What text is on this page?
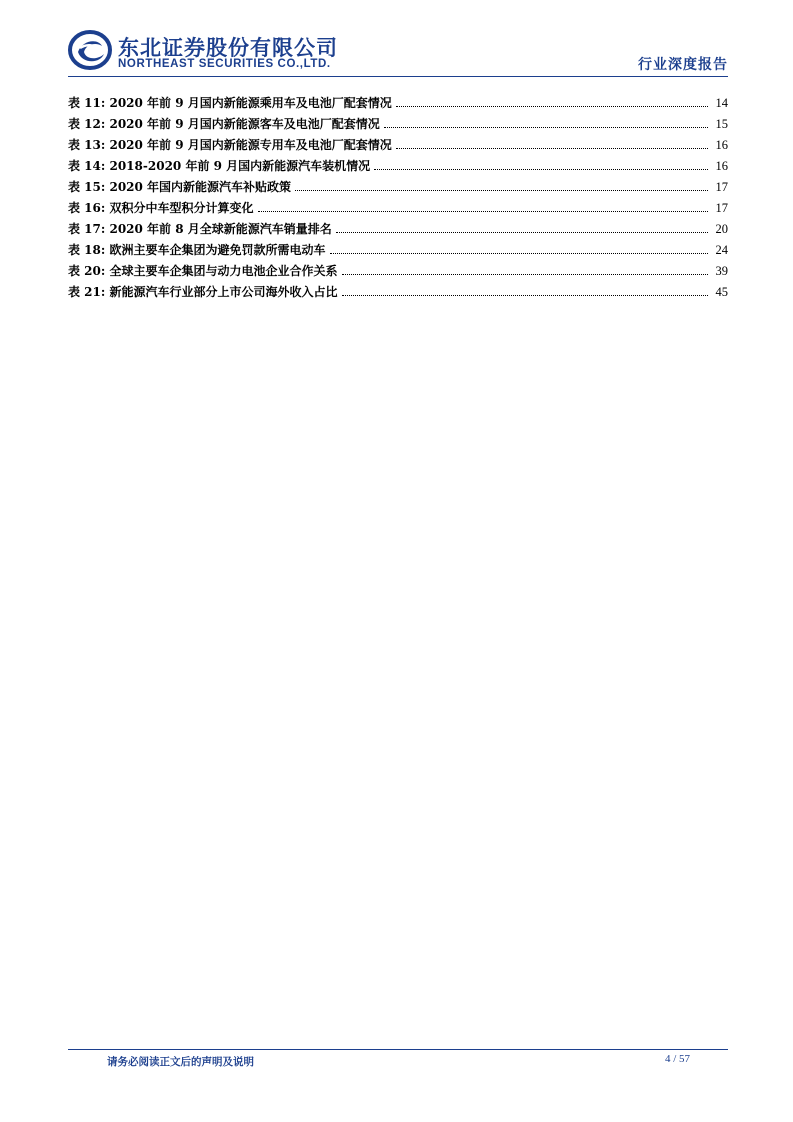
东北证券股份有限公司
NORTHEAST SECURITIES CO.,LTD.	行业深度报告
表 11: 2020 年前 9 月国内新能源乘用车及电池厂配套情况	14
表 12: 2020 年前 9 月国内新能源客车及电池厂配套情况	15
表 13: 2020 年前 9 月国内新能源专用车及电池厂配套情况	16
表 14: 2018-2020 年前 9 月国内新能源汽车装机情况	16
表 15: 2020 年国内新能源汽车补贴政策	17
表 16: 双积分中车型积分计算变化	17
表 17: 2020 年前 8 月全球新能源汽车销量排名	20
表 18: 欧洲主要车企集团为避免罚款所需电动车	24
表 20: 全球主要车企集团与动力电池企业合作关系	39
表 21: 新能源汽车行业部分上市公司海外收入占比	45
请务必阅读正文后的声明及说明	4 / 57
